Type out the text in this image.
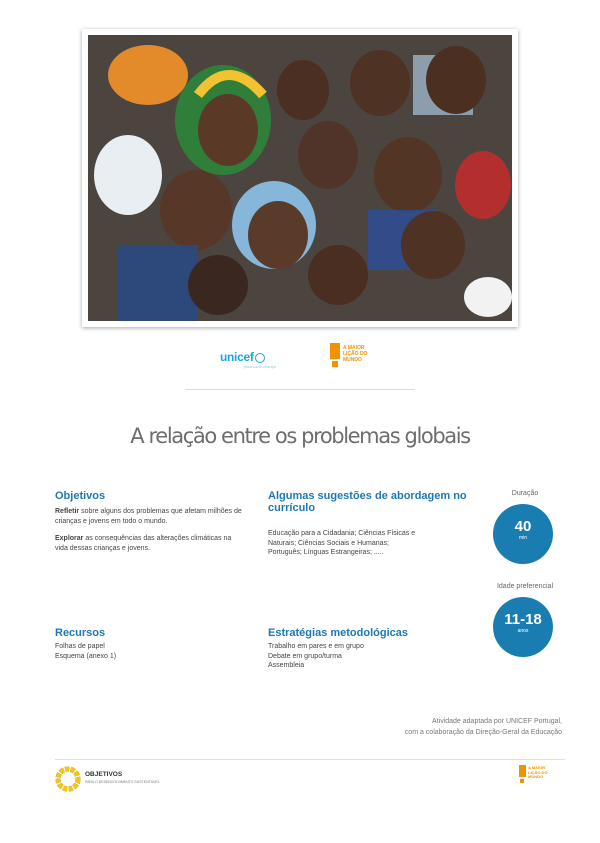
unicef
para cada criança
A MAIOR LIÇÃO DO MUNDO
A relação entre os problemas globais
Objetivos
Refletir sobre alguns dos problemas que afetam milhões de crianças e jovens em todo o mundo.
Explorar as consequências das alterações climáticas na vida dessas crianças e jovens.
Algumas sugestões de abordagem no currículo
Educação para a Cidadania; Ciências Físicas e Naturais; Ciências Sociais e Humanas; Português; Línguas Estrangeiras; .....
Recursos
Folhas de papel
Esquema (anexo 1)
Estratégias metodológicas
Trabalho em pares e em grupo
Debate em grupo/turma
Assembleia
Duração
40
min
Idade preferencial
11-18
anos
Atividade adaptada por UNICEF Portugal,
com a colaboração da Direção-Geral da Educação
OBJETIVOS
PARA O DESENVOLVIMENTO SUSTENTÁVEL
A MAIOR LIÇÃO DO MUNDO
